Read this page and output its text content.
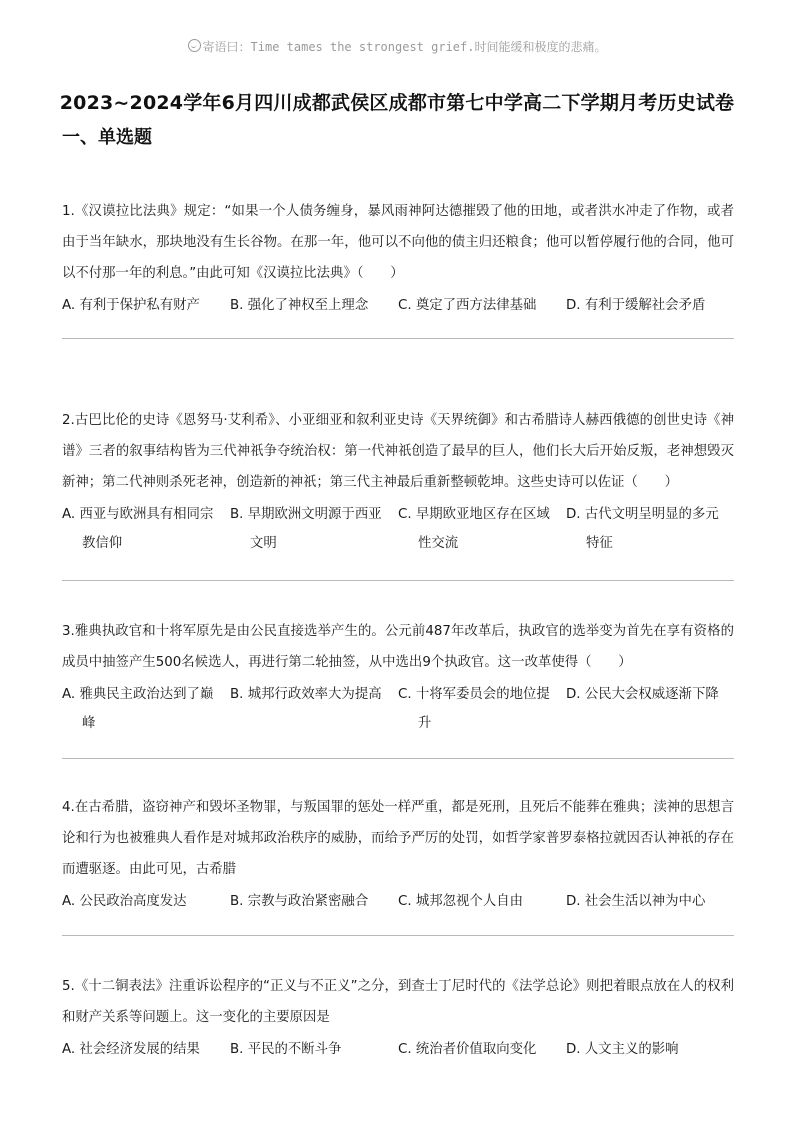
寄语曰：Time tames the strongest grief.时间能缓和极度的悲痛。
2023~2024学年6月四川成都武侯区成都市第七中学高二下学期月考历史试卷
一、单选题

1.《汉谟拉比法典》规定：“如果一个人债务缠身，暴风雨神阿达德摧毁了他的田地，或者洪水冲走了作物，或者由于当年缺水，那块地没有生长谷物。在那一年，他可以不向他的债主归还粮食；他可以暂停履行他的合同，他可以不付那一年的利息。”由此可知《汉谟拉比法典》（　　）

A. 有利于保护私有财产	B. 强化了神权至上理念	C. 奠定了西方法律基础	D. 有利于缓解社会矛盾

2.古巴比伦的史诗《恩努马·艾利希》、小亚细亚和叙利亚史诗《天界统御》和古希腊诗人赫西俄德的创世史诗《神谱》三者的叙事结构皆为三代神祇争夺统治权：第一代神祇创造了最早的巨人，他们长大后开始反叛，老神想毁灭新神；第二代神则杀死老神，创造新的神祇；第三代主神最后重新整顿乾坤。这些史诗可以佐证（　　）

A. 西亚与欧洲具有相同宗教信仰
B. 早期欧洲文明源于西亚文明
C. 早期欧亚地区存在区域性交流
D. 古代文明呈明显的多元特征

3.雅典执政官和十将军原先是由公民直接选举产生的。公元前487年改革后，执政官的选举变为首先在享有资格的成员中抽签产生500名候选人，再进行第二轮抽签，从中选出9个执政官。这一改革使得（　　）

A. 雅典民主政治达到了巅峰
B. 城邦行政效率大为提高	C. 十将军委员会的地位提升
D. 公民大会权威逐渐下降

4.在古希腊，盗窃神产和毁坏圣物罪，与叛国罪的惩处一样严重，都是死刑，且死后不能葬在雅典；渎神的思想言论和行为也被雅典人看作是对城邦政治秩序的威胁，而给予严厉的处罚，如哲学家普罗泰格拉就因否认神祇的存在而遭驱逐。由此可见，古希腊

A. 公民政治高度发达	B. 宗教与政治紧密融合	C. 城邦忽视个人自由	D. 社会生活以神为中心

5.《十二铜表法》注重诉讼程序的“正义与不正义”之分，到查士丁尼时代的《法学总论》则把着眼点放在人的权利和财产关系等问题上。这一变化的主要原因是

A. 社会经济发展的结果	B. 平民的不断斗争	C. 统治者价值取向变化	D. 人文主义的影响
